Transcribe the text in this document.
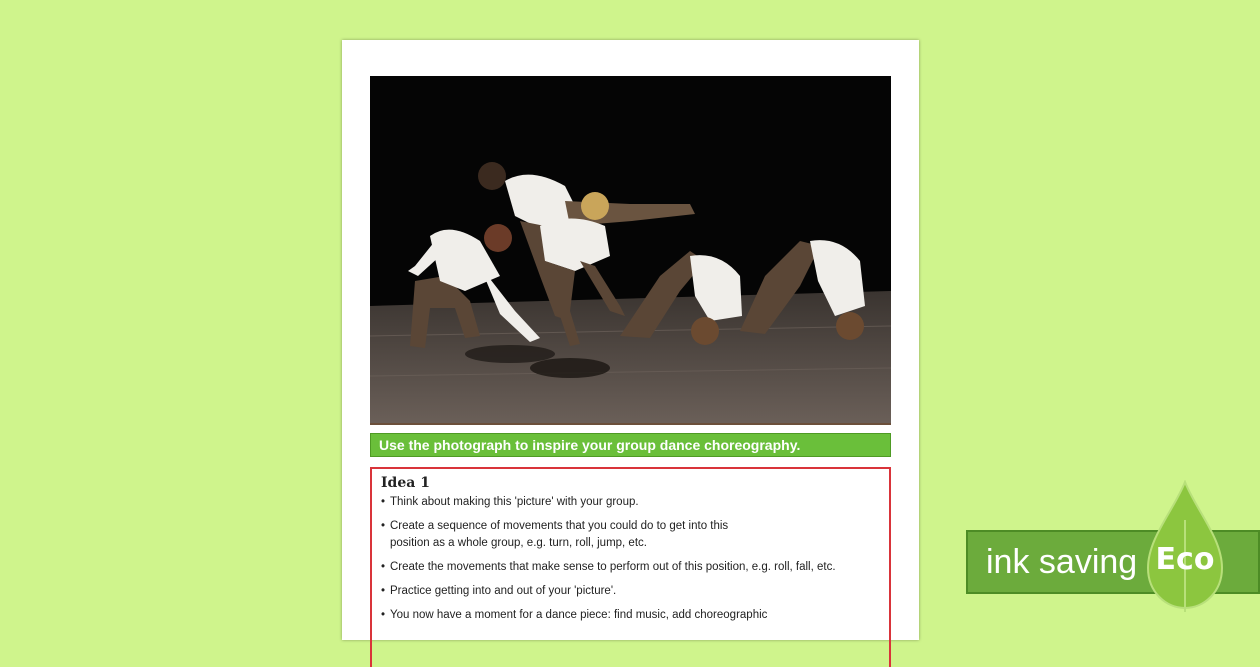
Use the photograph to inspire your group dance choreography.
Idea 1
• Think about making this 'picture' with your group.
• Create a sequence of movements that you could do to get into this
position as a whole group, e.g. turn, roll, jump, etc.
• Create the movements that make sense to perform out of this position, e.g. roll, fall, etc.
• Practice getting into and out of your 'picture'.
• You now have a moment for a dance piece: find music, add choreographic
ink saving Eco
